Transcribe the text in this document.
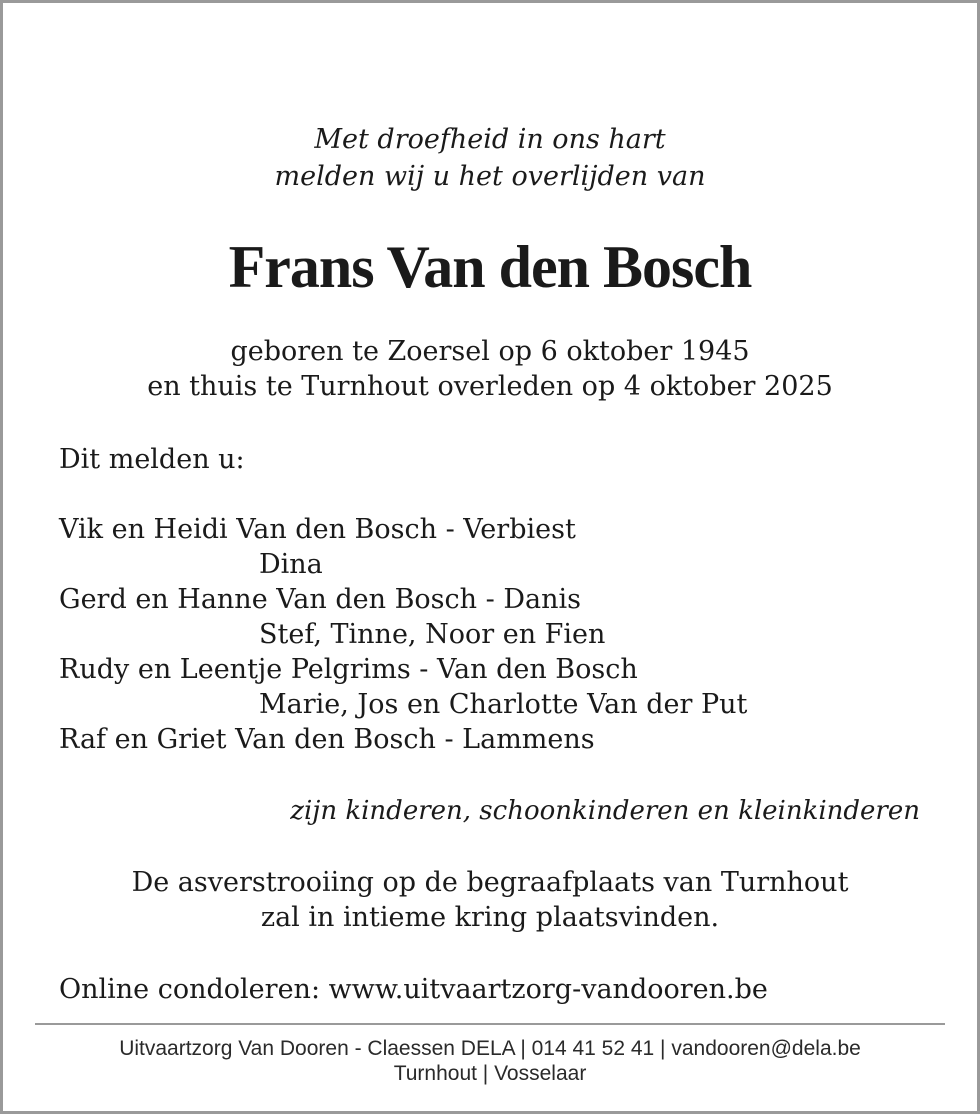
Met droefheid in ons hart
melden wij u het overlijden van
Frans Van den Bosch
geboren te Zoersel op 6 oktober 1945
en thuis te Turnhout overleden op 4 oktober 2025
Dit melden u:
Vik en Heidi Van den Bosch - Verbiest
Dina
Gerd en Hanne Van den Bosch - Danis
Stef, Tinne, Noor en Fien
Rudy en Leentje Pelgrims - Van den Bosch
Marie, Jos en Charlotte Van der Put
Raf en Griet Van den Bosch - Lammens
zijn kinderen, schoonkinderen en kleinkinderen
De asverstrooiing op de begraafplaats van Turnhout
zal in intieme kring plaatsvinden.
Online condoleren: www.uitvaartzorg-vandooren.be
Uitvaartzorg Van Dooren - Claessen DELA | 014 41 52 41 | vandooren@dela.be
Turnhout | Vosselaar
